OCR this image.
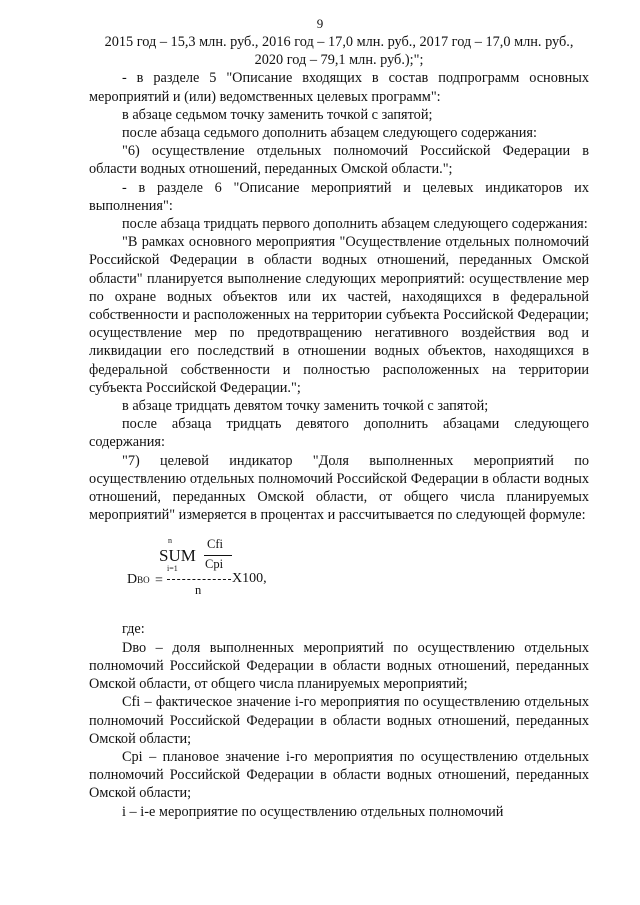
9

2015 год – 15,3 млн. руб., 2016 год – 17,0 млн. руб., 2017 год – 17,0 млн. руб., 2020 год – 79,1 млн. руб.);";

- в разделе 5 "Описание входящих в состав подпрограмм основных мероприятий и (или) ведомственных целевых программ":

в абзаце седьмом точку заменить точкой с запятой;

после абзаца седьмого дополнить абзацем следующего содержания:

"6) осуществление отдельных полномочий Российской Федерации в области водных отношений, переданных Омской области.";

- в разделе 6 "Описание мероприятий и целевых индикаторов их выполнения":

после абзаца тридцать первого дополнить абзацем следующего содержания:

"В рамках основного мероприятия "Осуществление отдельных полномочий Российской Федерации в области водных отношений, переданных Омской области" планируется выполнение следующих мероприятий: осуществление мер по охране водных объектов или их частей, находящихся в федеральной собственности и расположенных на территории субъекта Российской Федерации; осуществление мер по предотвращению негативного воздействия вод и ликвидации его последствий в отношении водных объектов, находящихся в федеральной собственности и полностью расположенных на территории субъекта Российской Федерации.";

в абзаце тридцать девятом точку заменить точкой с запятой;

после абзаца тридцать девятого дополнить абзацами следующего содержания:

"7) целевой индикатор "Доля выполненных мероприятий по осуществлению отдельных полномочий Российской Федерации в области водных отношений, переданных Омской области, от общего числа планируемых мероприятий" измеряется в процентах и рассчитывается по следующей формуле:

n
SUM
i=1
Cfi
Cpi
DВО =	X100,
n

где:

Dво – доля выполненных мероприятий по осуществлению отдельных полномочий Российской Федерации в области водных отношений, переданных Омской области, от общего числа планируемых мероприятий;

Cfi – фактическое значение i-го мероприятия по осуществлению отдельных полномочий Российской Федерации в области водных отношений, переданных Омской области;

Cpi – плановое значение i-го мероприятия по осуществлению отдельных полномочий Российской Федерации в области водных отношений, переданных Омской области;

i – i-е мероприятие по осуществлению отдельных полномочий
